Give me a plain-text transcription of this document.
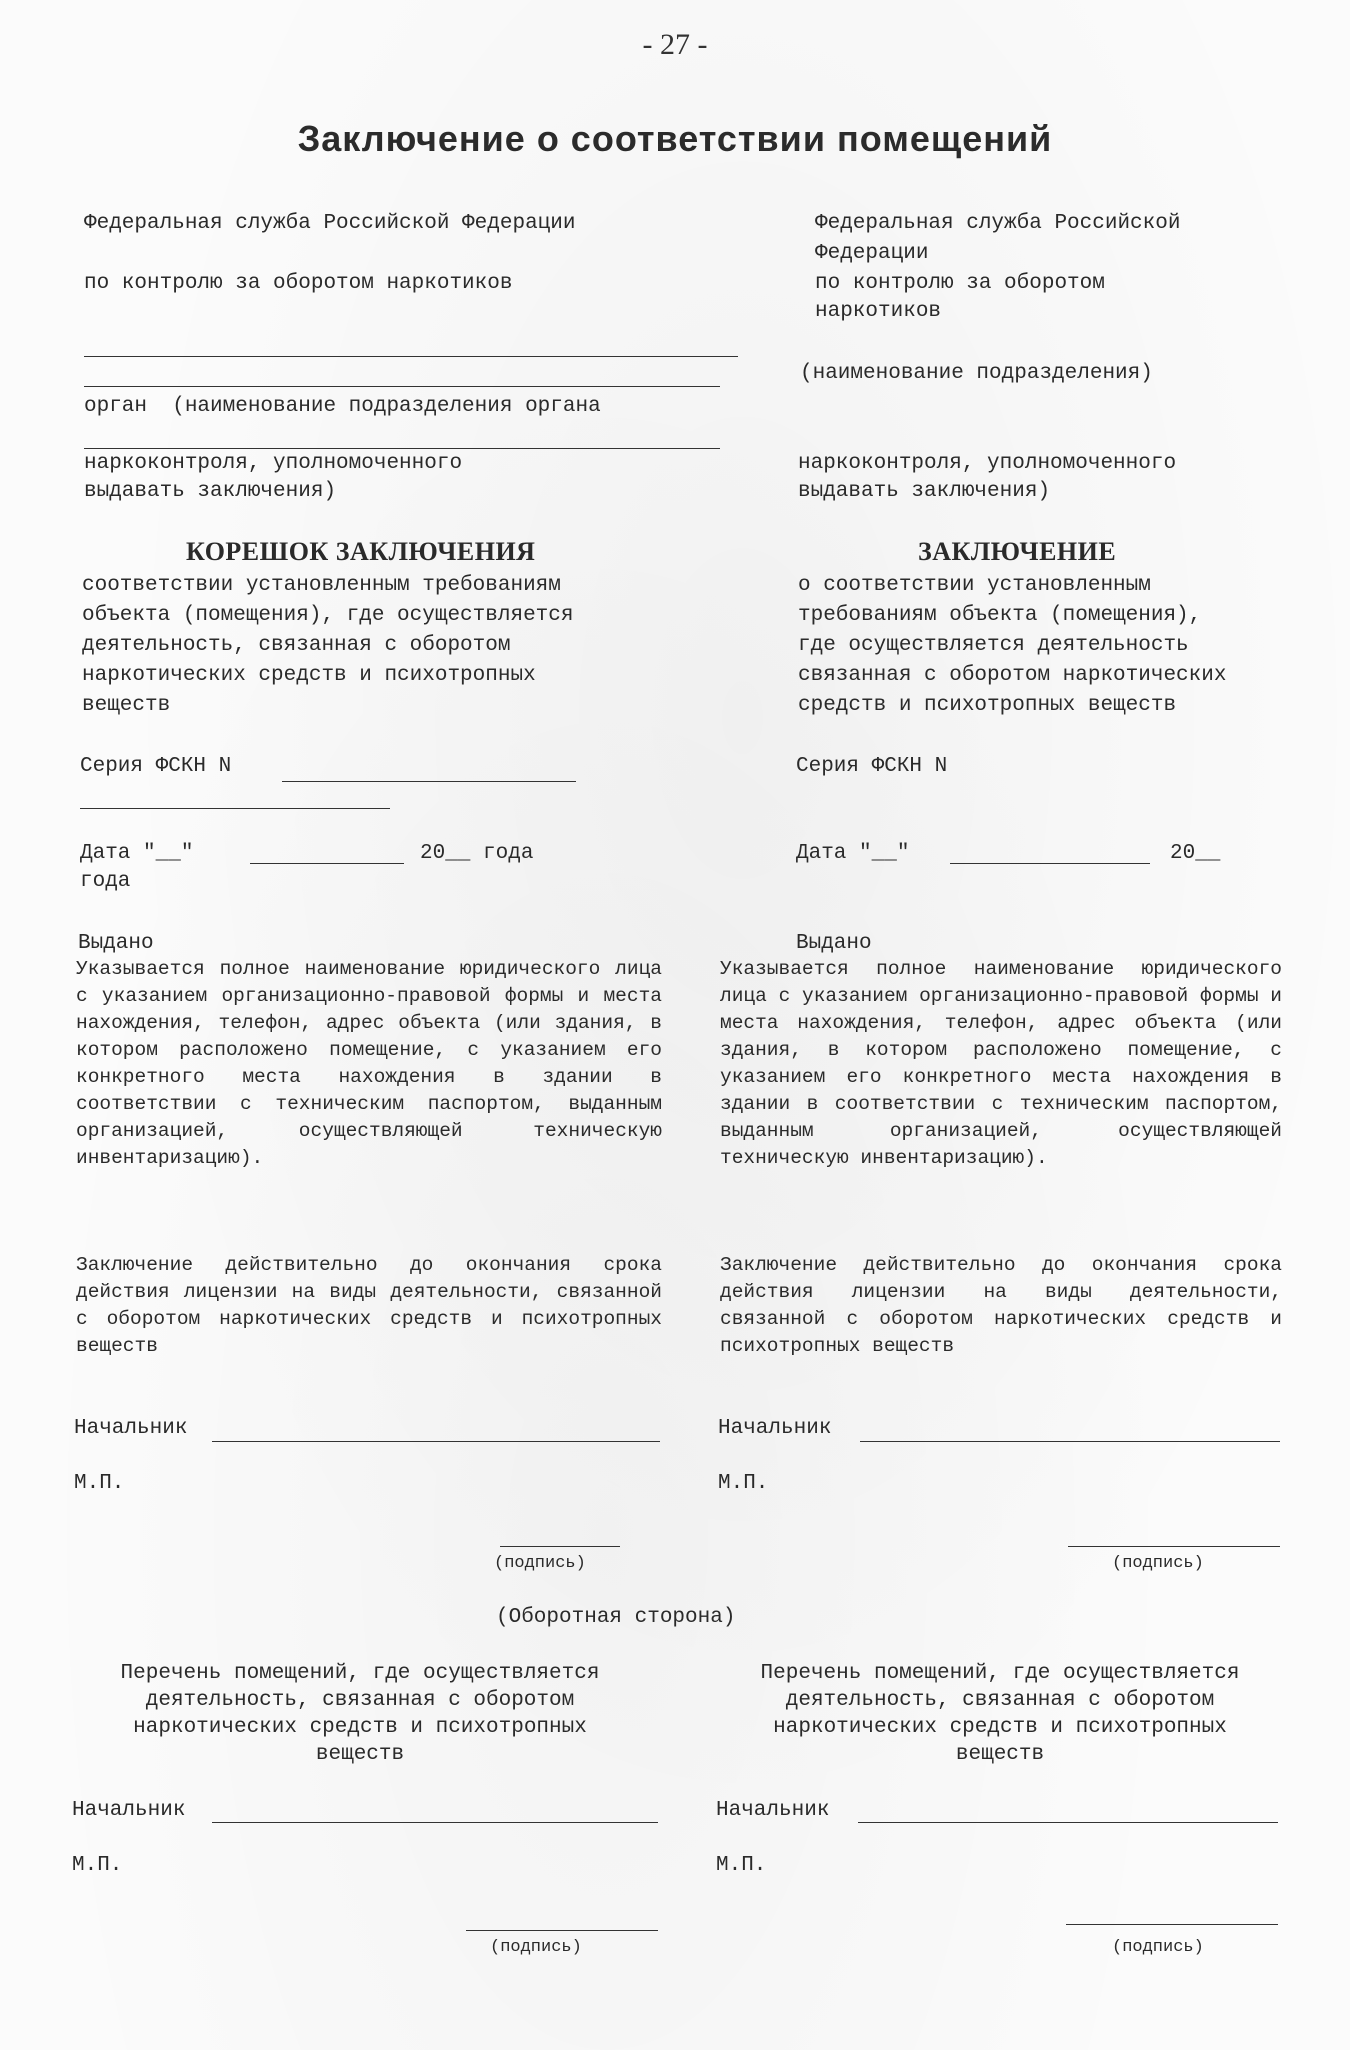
- 27 -
Заключение о соответствии помещений
Федеральная служба Российской Федерации
по контролю за оборотом наркотиков
орган  (наименование подразделения органа
наркоконтроля, уполномоченного
выдавать заключения)
КОРЕШОК ЗАКЛЮЧЕНИЯ
соответствии установленным требованиям
объекта (помещения), где осуществляется
деятельность, связанная с оборотом
наркотических средств и психотропных
веществ
Серия ФСКН N
Дата "__"	20__ года
года
Выдано

Указывается полное наименование юридического лица с указанием организационно-правовой формы и места нахождения, телефон, адрес объекта (или здания, в котором расположено помещение, с указанием его конкретного места нахождения в здании в соответствии с техническим паспортом, выданным организацией, осуществляющей техническую инвентаризацию).

Заключение действительно до окончания срока действия лицензии на виды деятельности, связанной с оборотом наркотических средств и психотропных веществ

Начальник
М.П.
(подпись)
Федеральная служба Российской
Федерации
по контролю за оборотом
наркотиков
(наименование подразделения)
наркоконтроля, уполномоченного
выдавать заключения)
ЗАКЛЮЧЕНИЕ
о соответствии установленным
требованиям объекта (помещения),
где осуществляется деятельность
связанная с оборотом наркотических
средств и психотропных веществ
Серия ФСКН N
Дата "__"	20__
Выдано

Указывается полное наименование юридического лица с указанием организационно-правовой формы и места нахождения, телефон, адрес объекта (или здания, в котором расположено помещение, с указанием его конкретного места нахождения в здании в соответствии с техническим паспортом, выданным организацией, осуществляющей техническую инвентаризацию).

Заключение действительно до окончания срока действия лицензии на виды деятельности, связанной с оборотом наркотических средств и психотропных веществ

Начальник
М.П.
(подпись)
(Оборотная сторона)
Перечень помещений, где осуществляется
деятельность, связанная с оборотом
наркотических средств и психотропных
веществ
Перечень помещений, где осуществляется
деятельность, связанная с оборотом
наркотических средств и психотропных
веществ
Начальник
М.П.
(подпись)
Начальник
М.П.
(подпись)
